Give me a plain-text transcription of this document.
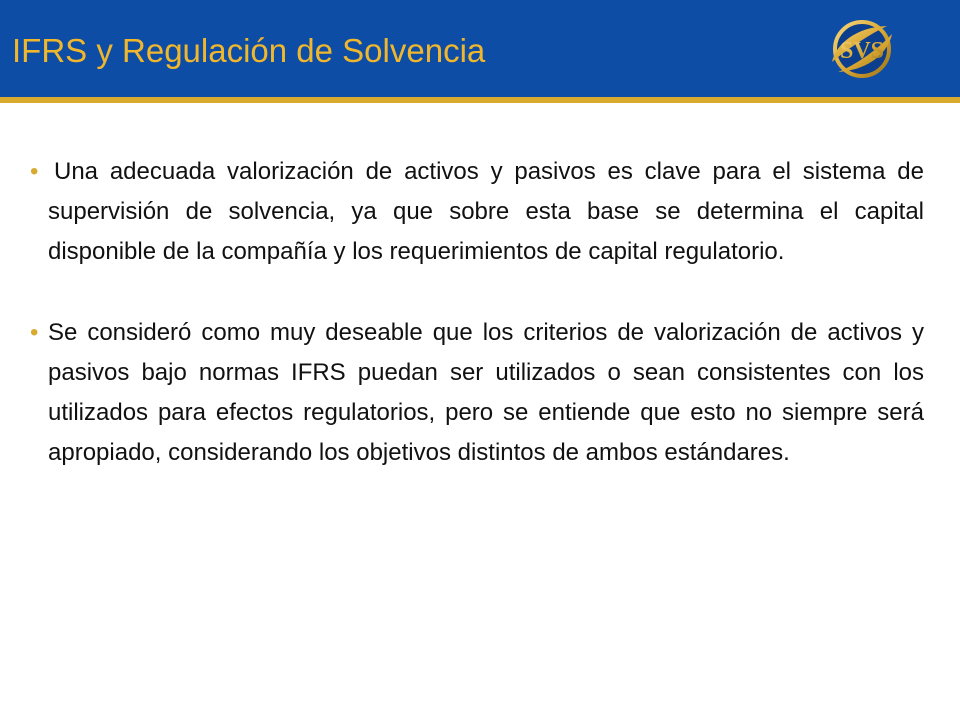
IFRS y Regulación de Solvencia	SVS
• Una adecuada valorización de activos y pasivos es clave para el sistema de supervisión de solvencia, ya que sobre esta base se determina el capital disponible de la compañía y los requerimientos de capital regulatorio.
• Se consideró como muy deseable que los criterios de valorización de activos y pasivos bajo normas IFRS puedan ser utilizados o sean consistentes con los utilizados para efectos regulatorios, pero se entiende que esto no siempre será apropiado, considerando los objetivos distintos de ambos estándares.
